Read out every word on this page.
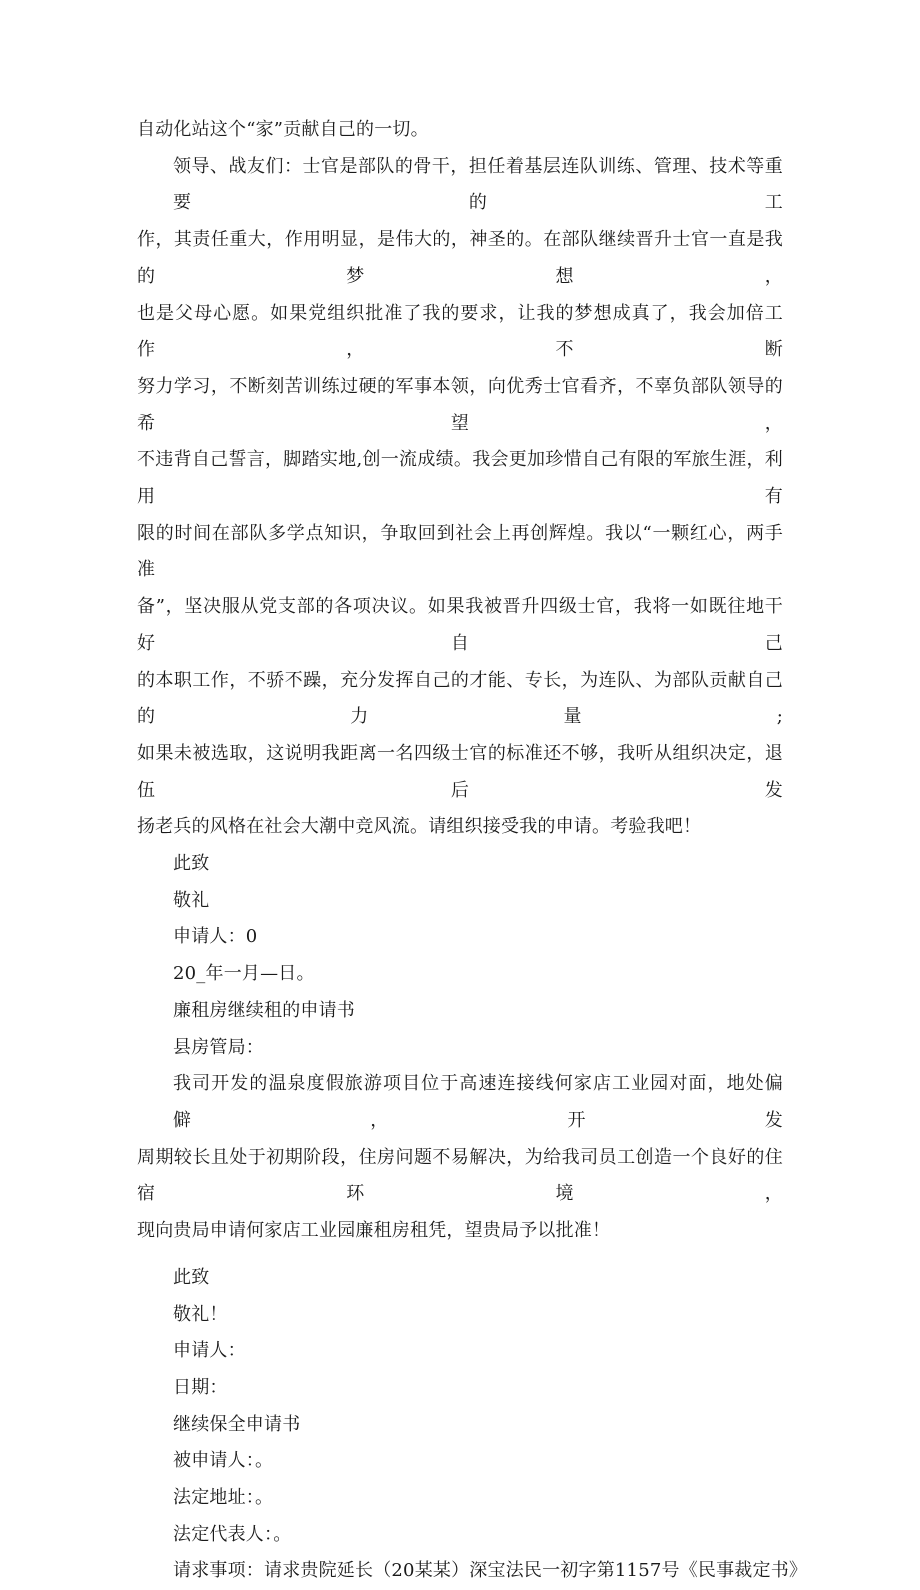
自动化站这个“家”贡献自己的一切。
领导、战友们：士官是部队的骨干，担任着基层连队训练、管理、技术等重要的工
作，其责任重大，作用明显，是伟大的，神圣的。在部队继续晋升士官一直是我的梦想，
也是父母心愿。如果党组织批准了我的要求，让我的梦想成真了，我会加倍工作，不断
努力学习，不断刻苦训练过硬的军事本领，向优秀士官看齐，不辜负部队领导的希望，
不违背自己誓言，脚踏实地,创一流成绩。我会更加珍惜自己有限的军旅生涯，利用有
限的时间在部队多学点知识，争取回到社会上再创辉煌。我以“一颗红心，两手准
备”，坚决服从党支部的各项决议。如果我被晋升四级士官，我将一如既往地干好自己
的本职工作，不骄不躁，充分发挥自己的才能、专长，为连队、为部队贡献自己的力量;
如果未被选取，这说明我距离一名四级士官的标准还不够，我听从组织决定，退伍后发
扬老兵的风格在社会大潮中竞风流。请组织接受我的申请。考验我吧！
此致
敬礼
申请人：0
20_年一月—日。
廉租房继续租的申请书
县房管局：
我司开发的温泉度假旅游项目位于高速连接线何家店工业园对面，地处偏僻，开发
周期较长且处于初期阶段，住房问题不易解决，为给我司员工创造一个良好的住宿环境，
现向贵局申请何家店工业园廉租房租凭，望贵局予以批准！
此致
敬礼！
申请人：
日期：
继续保全申请书
被申请人：。
法定地址：。
法定代表人：。
请求事项：请求贵院延长（20某某）深宝法民一初字第1157号《民事裁定书》
